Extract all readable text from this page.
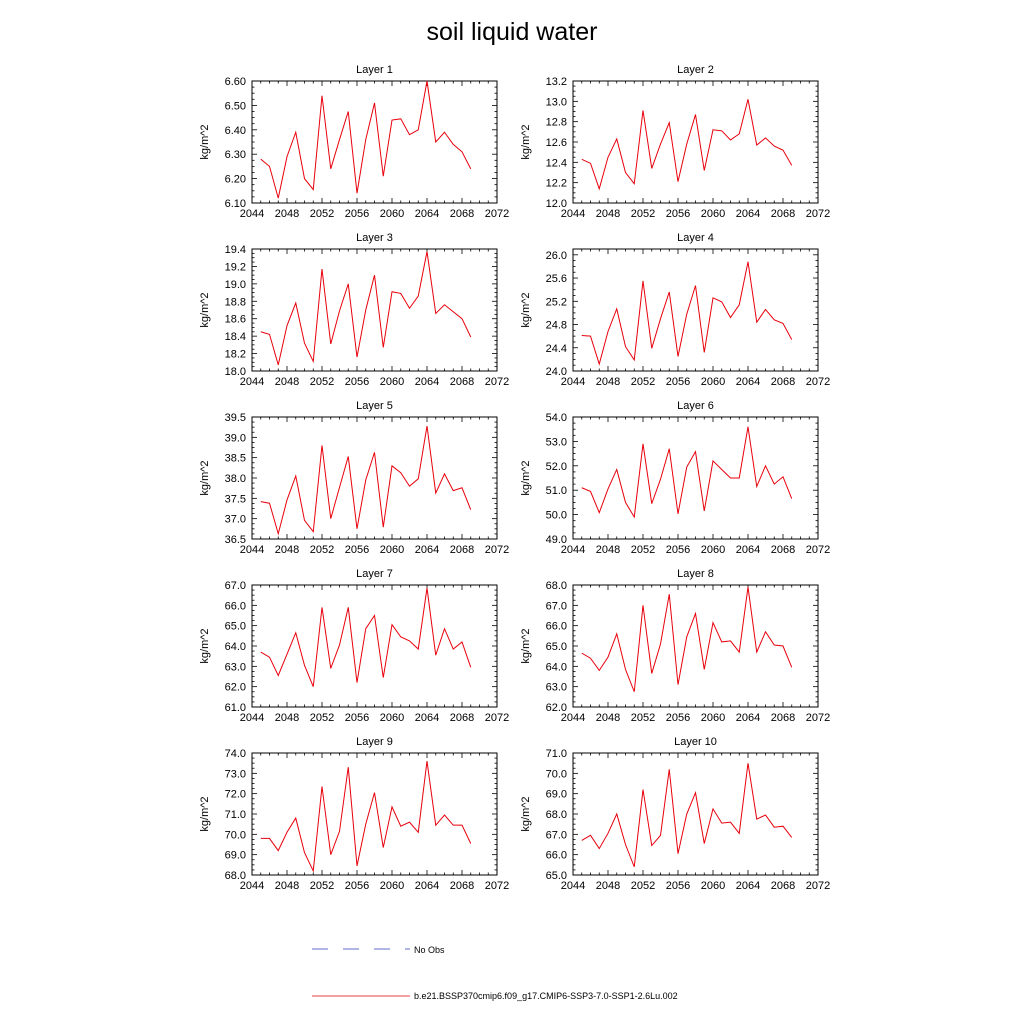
soil liquid water
Layer 1
kg/m^2
2044 2048 2052 2056 2060 2064 2068 2072
6.10
6.20
6.30
6.40
6.50
6.60
Layer 2
kg/m^2
2044 2048 2052 2056 2060 2064 2068 2072
12.0
12.2
12.4
12.6
12.8
13.0
13.2
Layer 3
kg/m^2
2044 2048 2052 2056 2060 2064 2068 2072
18.0
18.2
18.4
18.6
18.8
19.0
19.2
19.4
Layer 4
kg/m^2
2044 2048 2052 2056 2060 2064 2068 2072
24.0
24.4
24.8
25.2
25.6
26.0
Layer 5
kg/m^2
2044 2048 2052 2056 2060 2064 2068 2072
36.5
37.0
37.5
38.0
38.5
39.0
39.5
Layer 6
kg/m^2
2044 2048 2052 2056 2060 2064 2068 2072
49.0
50.0
51.0
52.0
53.0
54.0
Layer 7
kg/m^2
2044 2048 2052 2056 2060 2064 2068 2072
61.0
62.0
63.0
64.0
65.0
66.0
67.0
Layer 8
kg/m^2
2044 2048 2052 2056 2060 2064 2068 2072
62.0
63.0
64.0
65.0
66.0
67.0
68.0
Layer 9
kg/m^2
2044 2048 2052 2056 2060 2064 2068 2072
68.0
69.0
70.0
71.0
72.0
73.0
74.0
Layer 10
kg/m^2
2044 2048 2052 2056 2060 2064 2068 2072
65.0
66.0
67.0
68.0
69.0
70.0
71.0
No Obs
b.e21.BSSP370cmip6.f09_g17.CMIP6-SSP3-7.0-SSP1-2.6Lu.002
